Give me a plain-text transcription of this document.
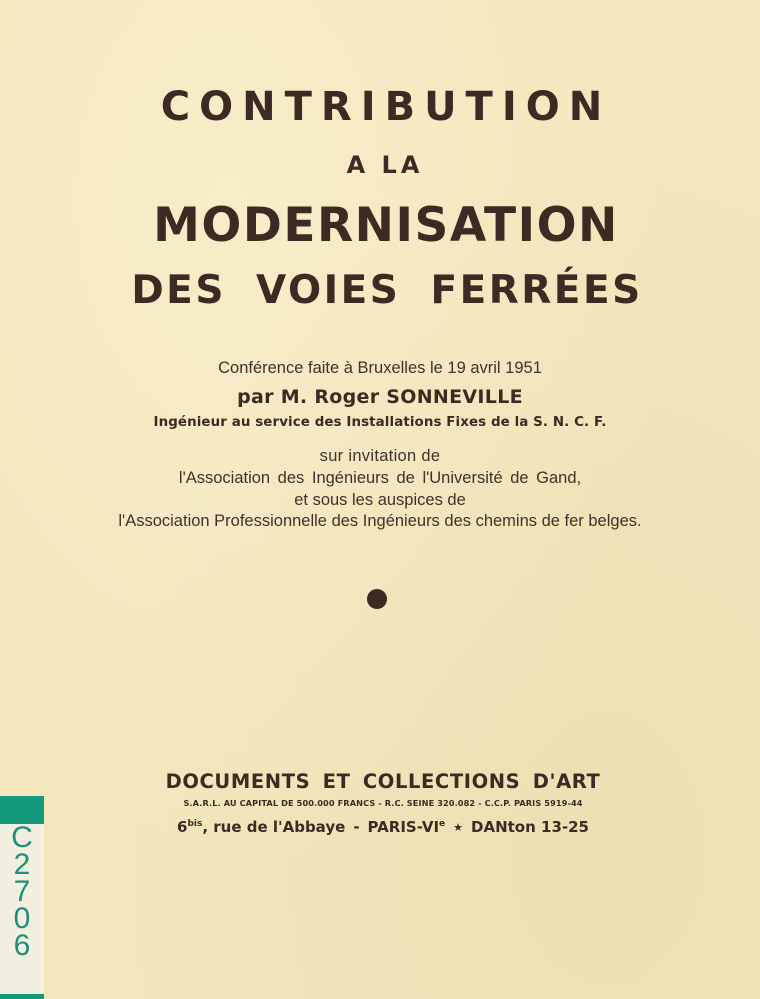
CONTRIBUTION

A LA

MODERNISATION

DES VOIES FERRÉES

Conférence faite à Bruxelles le 19 avril 1951

par M. Roger SONNEVILLE

Ingénieur au service des Installations Fixes de la S. N. C. F.

sur invitation de

l'Association des Ingénieurs de l'Université de Gand,

et sous les auspices de

l'Association Professionnelle des Ingénieurs des chemins de fer belges.

DOCUMENTS ET COLLECTIONS D'ART

S.A.R.L. AU CAPITAL DE 500.000 FRANCS - R.C. SEINE 320.082 - C.C.P. PARIS 5919-44

$6^{bis}$, rue de l'Abbaye - PARIS-VIe ★ DANton 13-25

C
2
7
0
6
